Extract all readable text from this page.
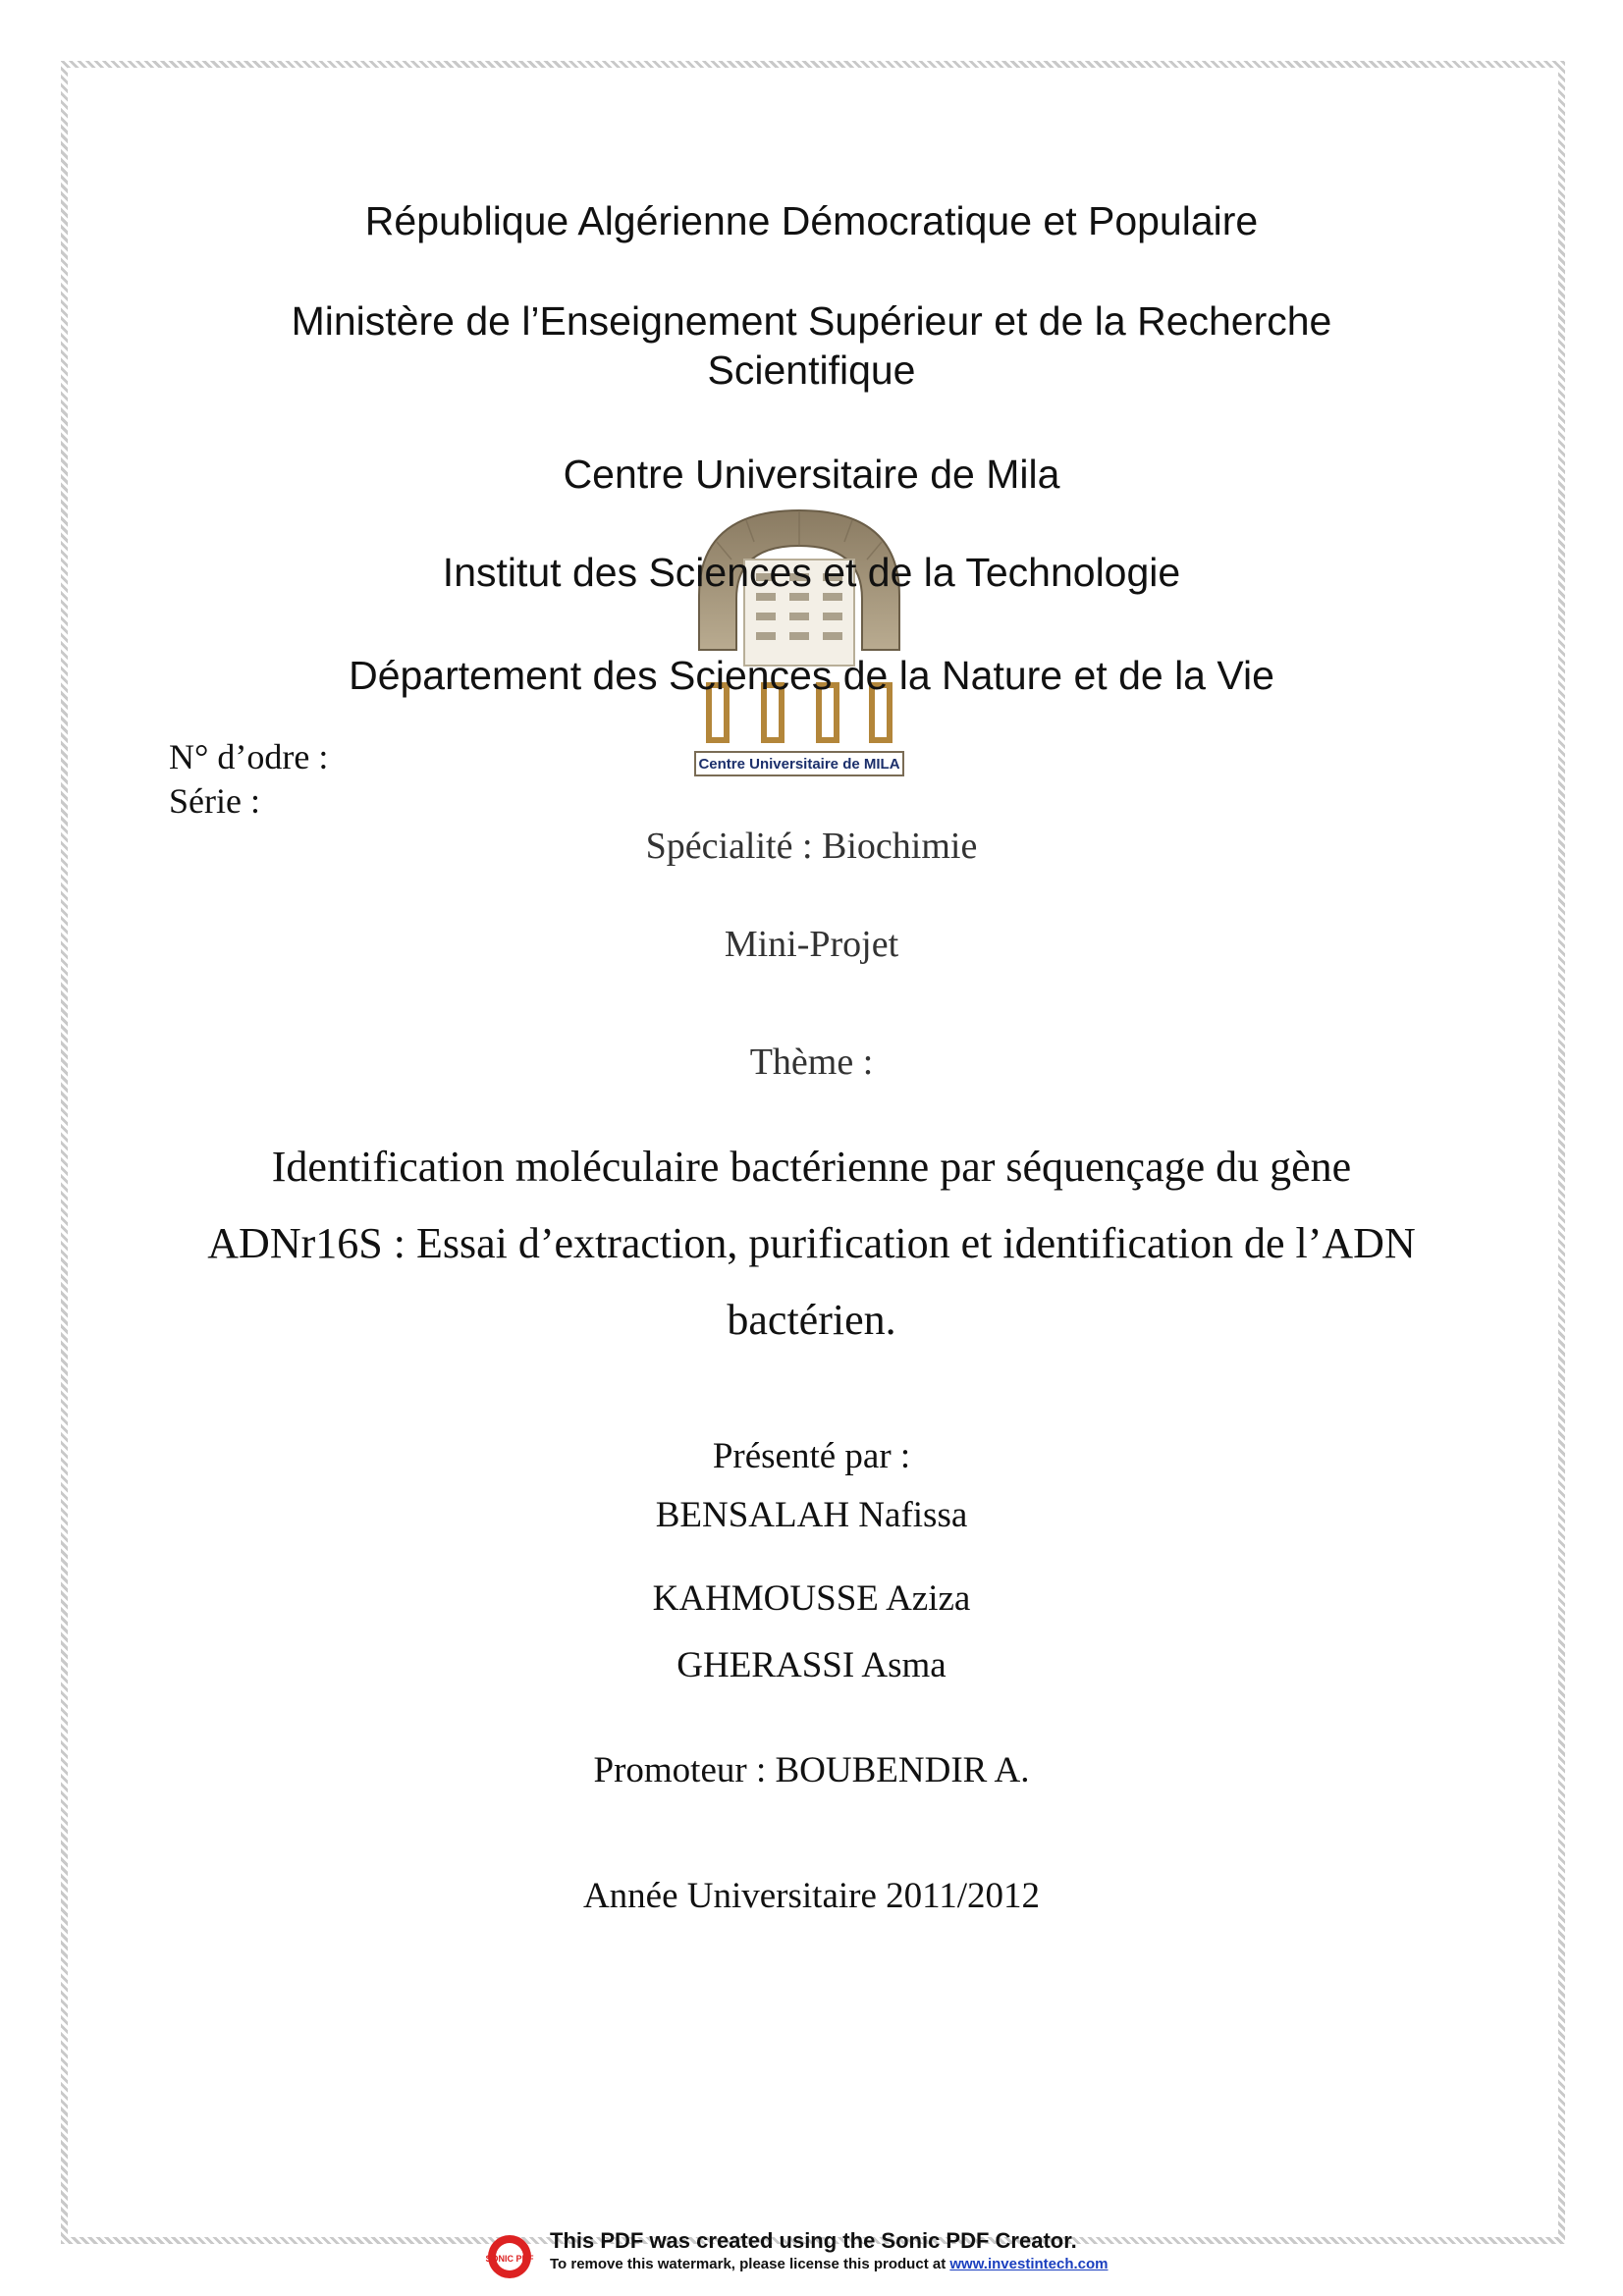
République Algérienne Démocratique et Populaire

Ministère de l’Enseignement Supérieur et de la Recherche

Scientifique

Centre Universitaire de MILA

Centre Universitaire de Mila

Institut des Sciences et de la Technologie

Département des Sciences de la Nature et de la Vie

N° d’odre :
Série :

Spécialité : Biochimie

Mini-Projet

Thème :

Identification moléculaire bactérienne par séquençage du gène

ADNr16S : Essai d’extraction, purification et identification de l’ADN

bactérien.

Présenté par :

BENSALAH Nafissa

KAHMOUSSE Aziza

GHERASSI Asma

Promoteur : BOUBENDIR A.

Année Universitaire 2011/2012

SONIC PDF
This PDF was created using the Sonic PDF Creator.
To remove this watermark, please license this product at www.investintech.com
